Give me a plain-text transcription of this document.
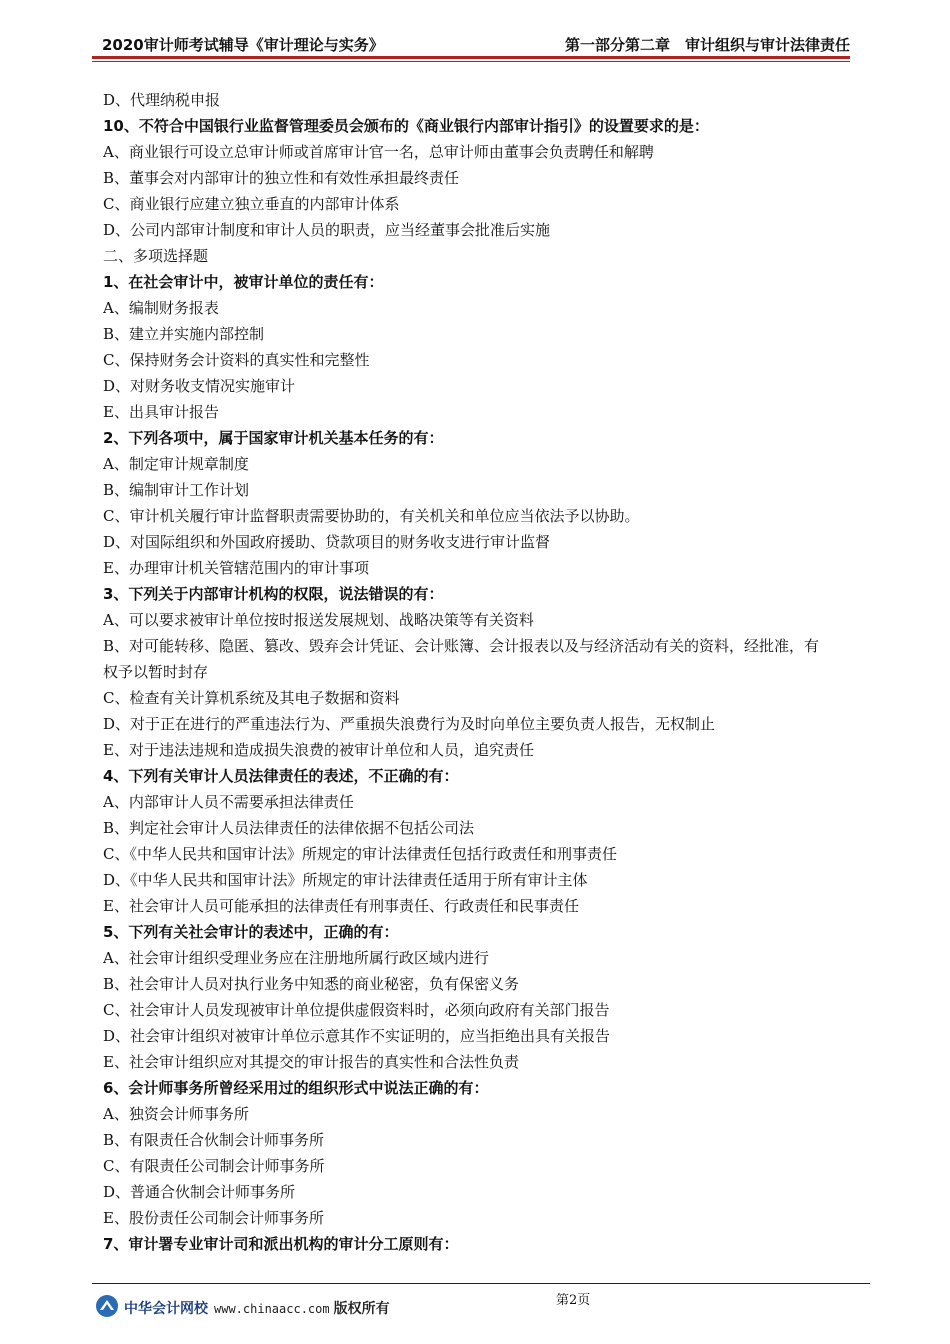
2020审计师考试辅导《审计理论与实务》	第一部分第二章　审计组织与审计法律责任
D、代理纳税申报
10、不符合中国银行业监督管理委员会颁布的《商业银行内部审计指引》的设置要求的是：
A、商业银行可设立总审计师或首席审计官一名，总审计师由董事会负责聘任和解聘
B、董事会对内部审计的独立性和有效性承担最终责任
C、商业银行应建立独立垂直的内部审计体系
D、公司内部审计制度和审计人员的职责，应当经董事会批准后实施
二、多项选择题
1、在社会审计中，被审计单位的责任有：
A、编制财务报表
B、建立并实施内部控制
C、保持财务会计资料的真实性和完整性
D、对财务收支情况实施审计
E、出具审计报告
2、下列各项中，属于国家审计机关基本任务的有：
A、制定审计规章制度
B、编制审计工作计划
C、审计机关履行审计监督职责需要协助的，有关机关和单位应当依法予以协助。
D、对国际组织和外国政府援助、贷款项目的财务收支进行审计监督
E、办理审计机关管辖范围内的审计事项
3、下列关于内部审计机构的权限，说法错误的有：
A、可以要求被审计单位按时报送发展规划、战略决策等有关资料
B、对可能转移、隐匿、篡改、毁弃会计凭证、会计账簿、会计报表以及与经济活动有关的资料，经批准，有
权予以暂时封存
C、检查有关计算机系统及其电子数据和资料
D、对于正在进行的严重违法行为、严重损失浪费行为及时向单位主要负责人报告，无权制止
E、对于违法违规和造成损失浪费的被审计单位和人员，追究责任
4、下列有关审计人员法律责任的表述，不正确的有：
A、内部审计人员不需要承担法律责任
B、判定社会审计人员法律责任的法律依据不包括公司法
C、《中华人民共和国审计法》所规定的审计法律责任包括行政责任和刑事责任
D、《中华人民共和国审计法》所规定的审计法律责任适用于所有审计主体
E、社会审计人员可能承担的法律责任有刑事责任、行政责任和民事责任
5、下列有关社会审计的表述中，正确的有：
A、社会审计组织受理业务应在注册地所属行政区域内进行
B、社会审计人员对执行业务中知悉的商业秘密，负有保密义务
C、社会审计人员发现被审计单位提供虚假资料时，必须向政府有关部门报告
D、社会审计组织对被审计单位示意其作不实证明的，应当拒绝出具有关报告
E、社会审计组织应对其提交的审计报告的真实性和合法性负责
6、会计师事务所曾经采用过的组织形式中说法正确的有：
A、独资会计师事务所
B、有限责任合伙制会计师事务所
C、有限责任公司制会计师事务所
D、普通合伙制会计师事务所
E、股份责任公司制会计师事务所
7、审计署专业审计司和派出机构的审计分工原则有：
第2页
中华会计网校 www.chinaacc.com 版权所有
